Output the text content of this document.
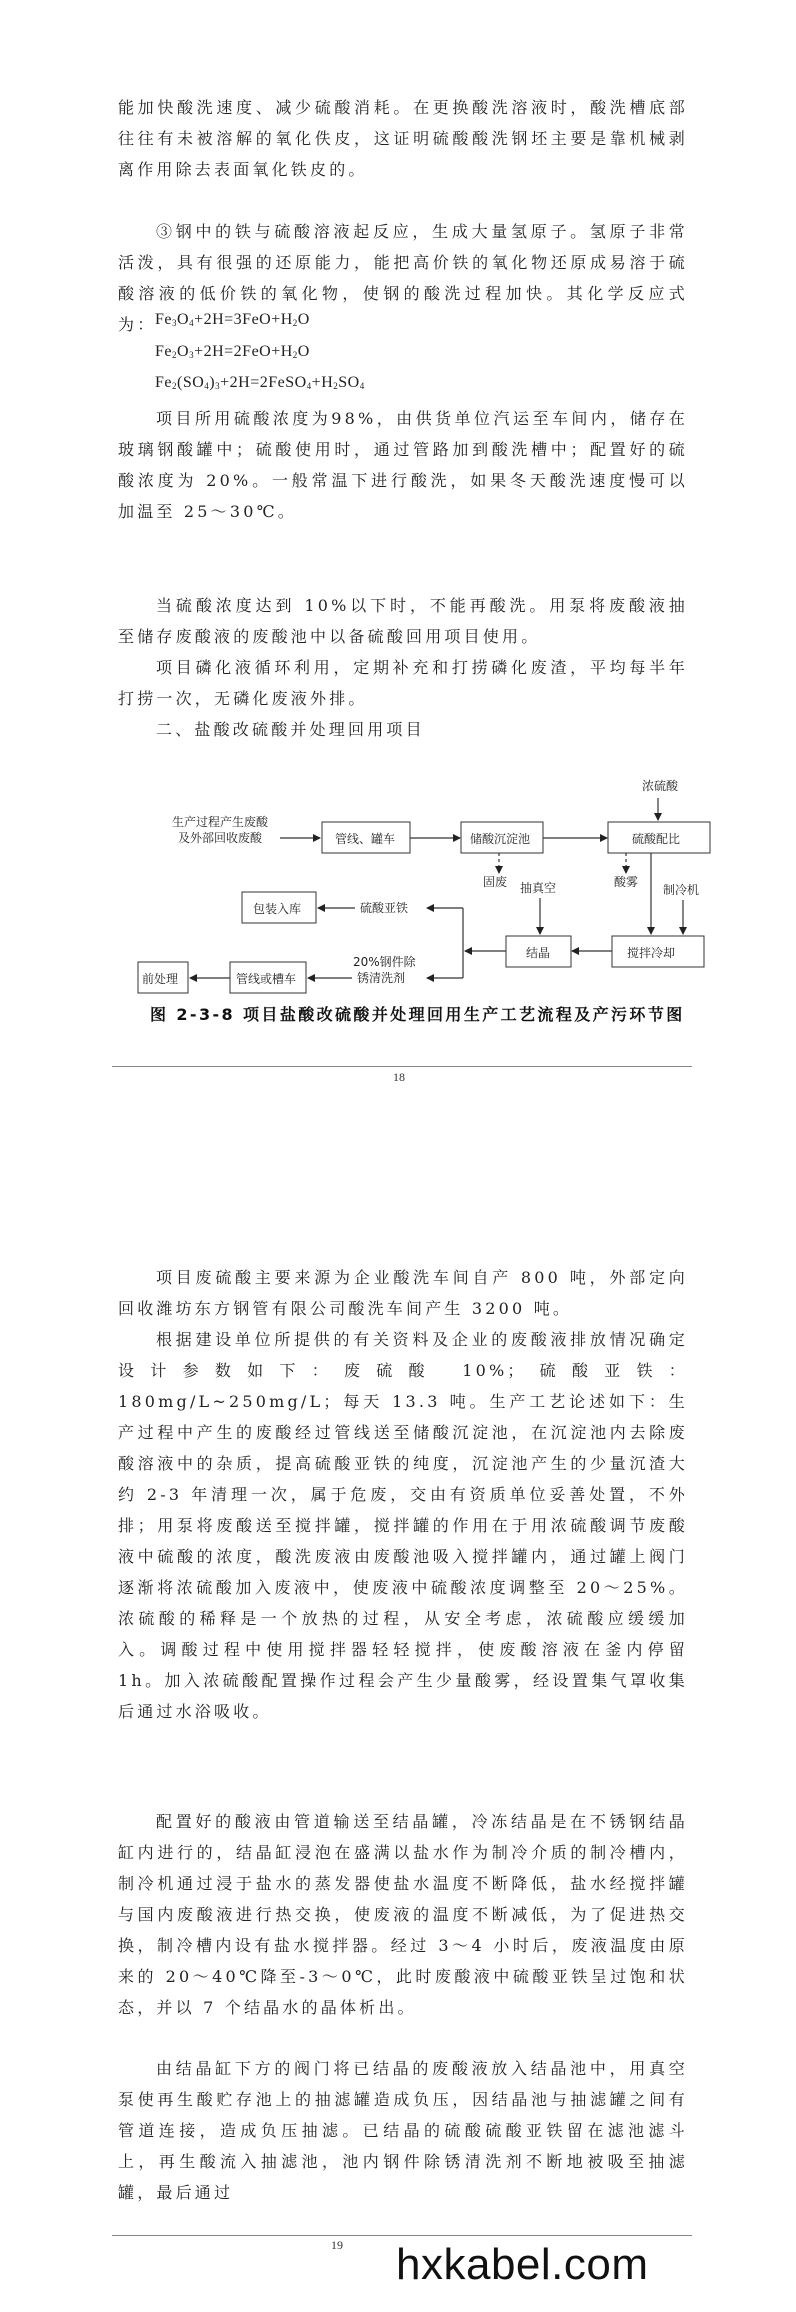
能加快酸洗速度、减少硫酸消耗。在更换酸洗溶液时，酸洗槽底部往往有未被溶解的氧化佚皮，这证明硫酸酸洗钢坯主要是靠机械剥离作用除去表面氧化铁皮的。

③钢中的铁与硫酸溶液起反应，生成大量氢原子。氢原子非常活泼，具有很强的还原能力，能把高价铁的氧化物还原成易溶于硫酸溶液的低价铁的氧化物，使钢的酸洗过程加快。其化学反应式为：

$Fe_3O_4+2H=3FeO+H_2O$
$Fe_2O_3+2H=2FeO+H_2O$
$Fe_2(SO_4)_3+2H=2FeSO_4+H_2SO_4$

项目所用硫酸浓度为98%，由供货单位汽运至车间内，储存在玻璃钢酸罐中；硫酸使用时，通过管路加到酸洗槽中；配置好的硫酸浓度为 20%。一般常温下进行酸洗，如果冬天酸洗速度慢可以加温至 25～30℃。

当硫酸浓度达到 10%以下时，不能再酸洗。用泵将废酸液抽至储存废酸液的废酸池中以备硫酸回用项目使用。

项目磷化液循环利用，定期补充和打捞磷化废渣，平均每半年打捞一次，无磷化废液外排。

二、盐酸改硫酸并处理回用项目

生产过程产生废酸
及外部回收废酸	管线、罐车	储酸沉淀池
浓硫酸
硫酸配比
固废	酸雾
抽真空	制冷机
搅拌冷却
结晶
硫酸亚铁
包装入库
20%钢件除
锈清洗剂
管线或槽车
前处理
图 2-3-8 项目盐酸改硫酸并处理回用生产工艺流程及产污环节图
18

项目废硫酸主要来源为企业酸洗车间自产 800 吨，外部定向回收潍坊东方钢管有限公司酸洗车间产生 3200 吨。

根据建设单位所提供的有关资料及企业的废酸液排放情况确定设计参数如下：废硫酸 10%；硫酸亚铁：180mg/L~250mg/L；每天 13.3 吨。生产工艺论述如下：生产过程中产生的废酸经过管线送至储酸沉淀池，在沉淀池内去除废酸溶液中的杂质，提高硫酸亚铁的纯度，沉淀池产生的少量沉渣大约 2-3 年清理一次，属于危废，交由有资质单位妥善处置，不外排；用泵将废酸送至搅拌罐，搅拌罐的作用在于用浓硫酸调节废酸液中硫酸的浓度，酸洗废液由废酸池吸入搅拌罐内，通过罐上阀门逐渐将浓硫酸加入废液中，使废液中硫酸浓度调整至 20～25%。浓硫酸的稀释是一个放热的过程，从安全考虑，浓硫酸应缓缓加入。调酸过程中使用搅拌器轻轻搅拌，使废酸溶液在釜内停留 1h。加入浓硫酸配置操作过程会产生少量酸雾，经设置集气罩收集后通过水浴吸收。

配置好的酸液由管道输送至结晶罐，冷冻结晶是在不锈钢结晶缸内进行的，结晶缸浸泡在盛满以盐水作为制冷介质的制冷槽内，制冷机通过浸于盐水的蒸发器使盐水温度不断降低，盐水经搅拌罐与国内废酸液进行热交换，使废液的温度不断减低，为了促进热交换，制冷槽内设有盐水搅拌器。经过 3～4 小时后，废液温度由原来的 20～40℃降至-3～0℃，此时废酸液中硫酸亚铁呈过饱和状态，并以 7 个结晶水的晶体析出。

由结晶缸下方的阀门将已结晶的废酸液放入结晶池中，用真空泵使再生酸贮存池上的抽滤罐造成负压，因结晶池与抽滤罐之间有管道连接，造成负压抽滤。已结晶的硫酸硫酸亚铁留在滤池滤斗上，再生酸流入抽滤池，池内钢件除锈清洗剂不断地被吸至抽滤罐，最后通过

19 hxkabel.com
